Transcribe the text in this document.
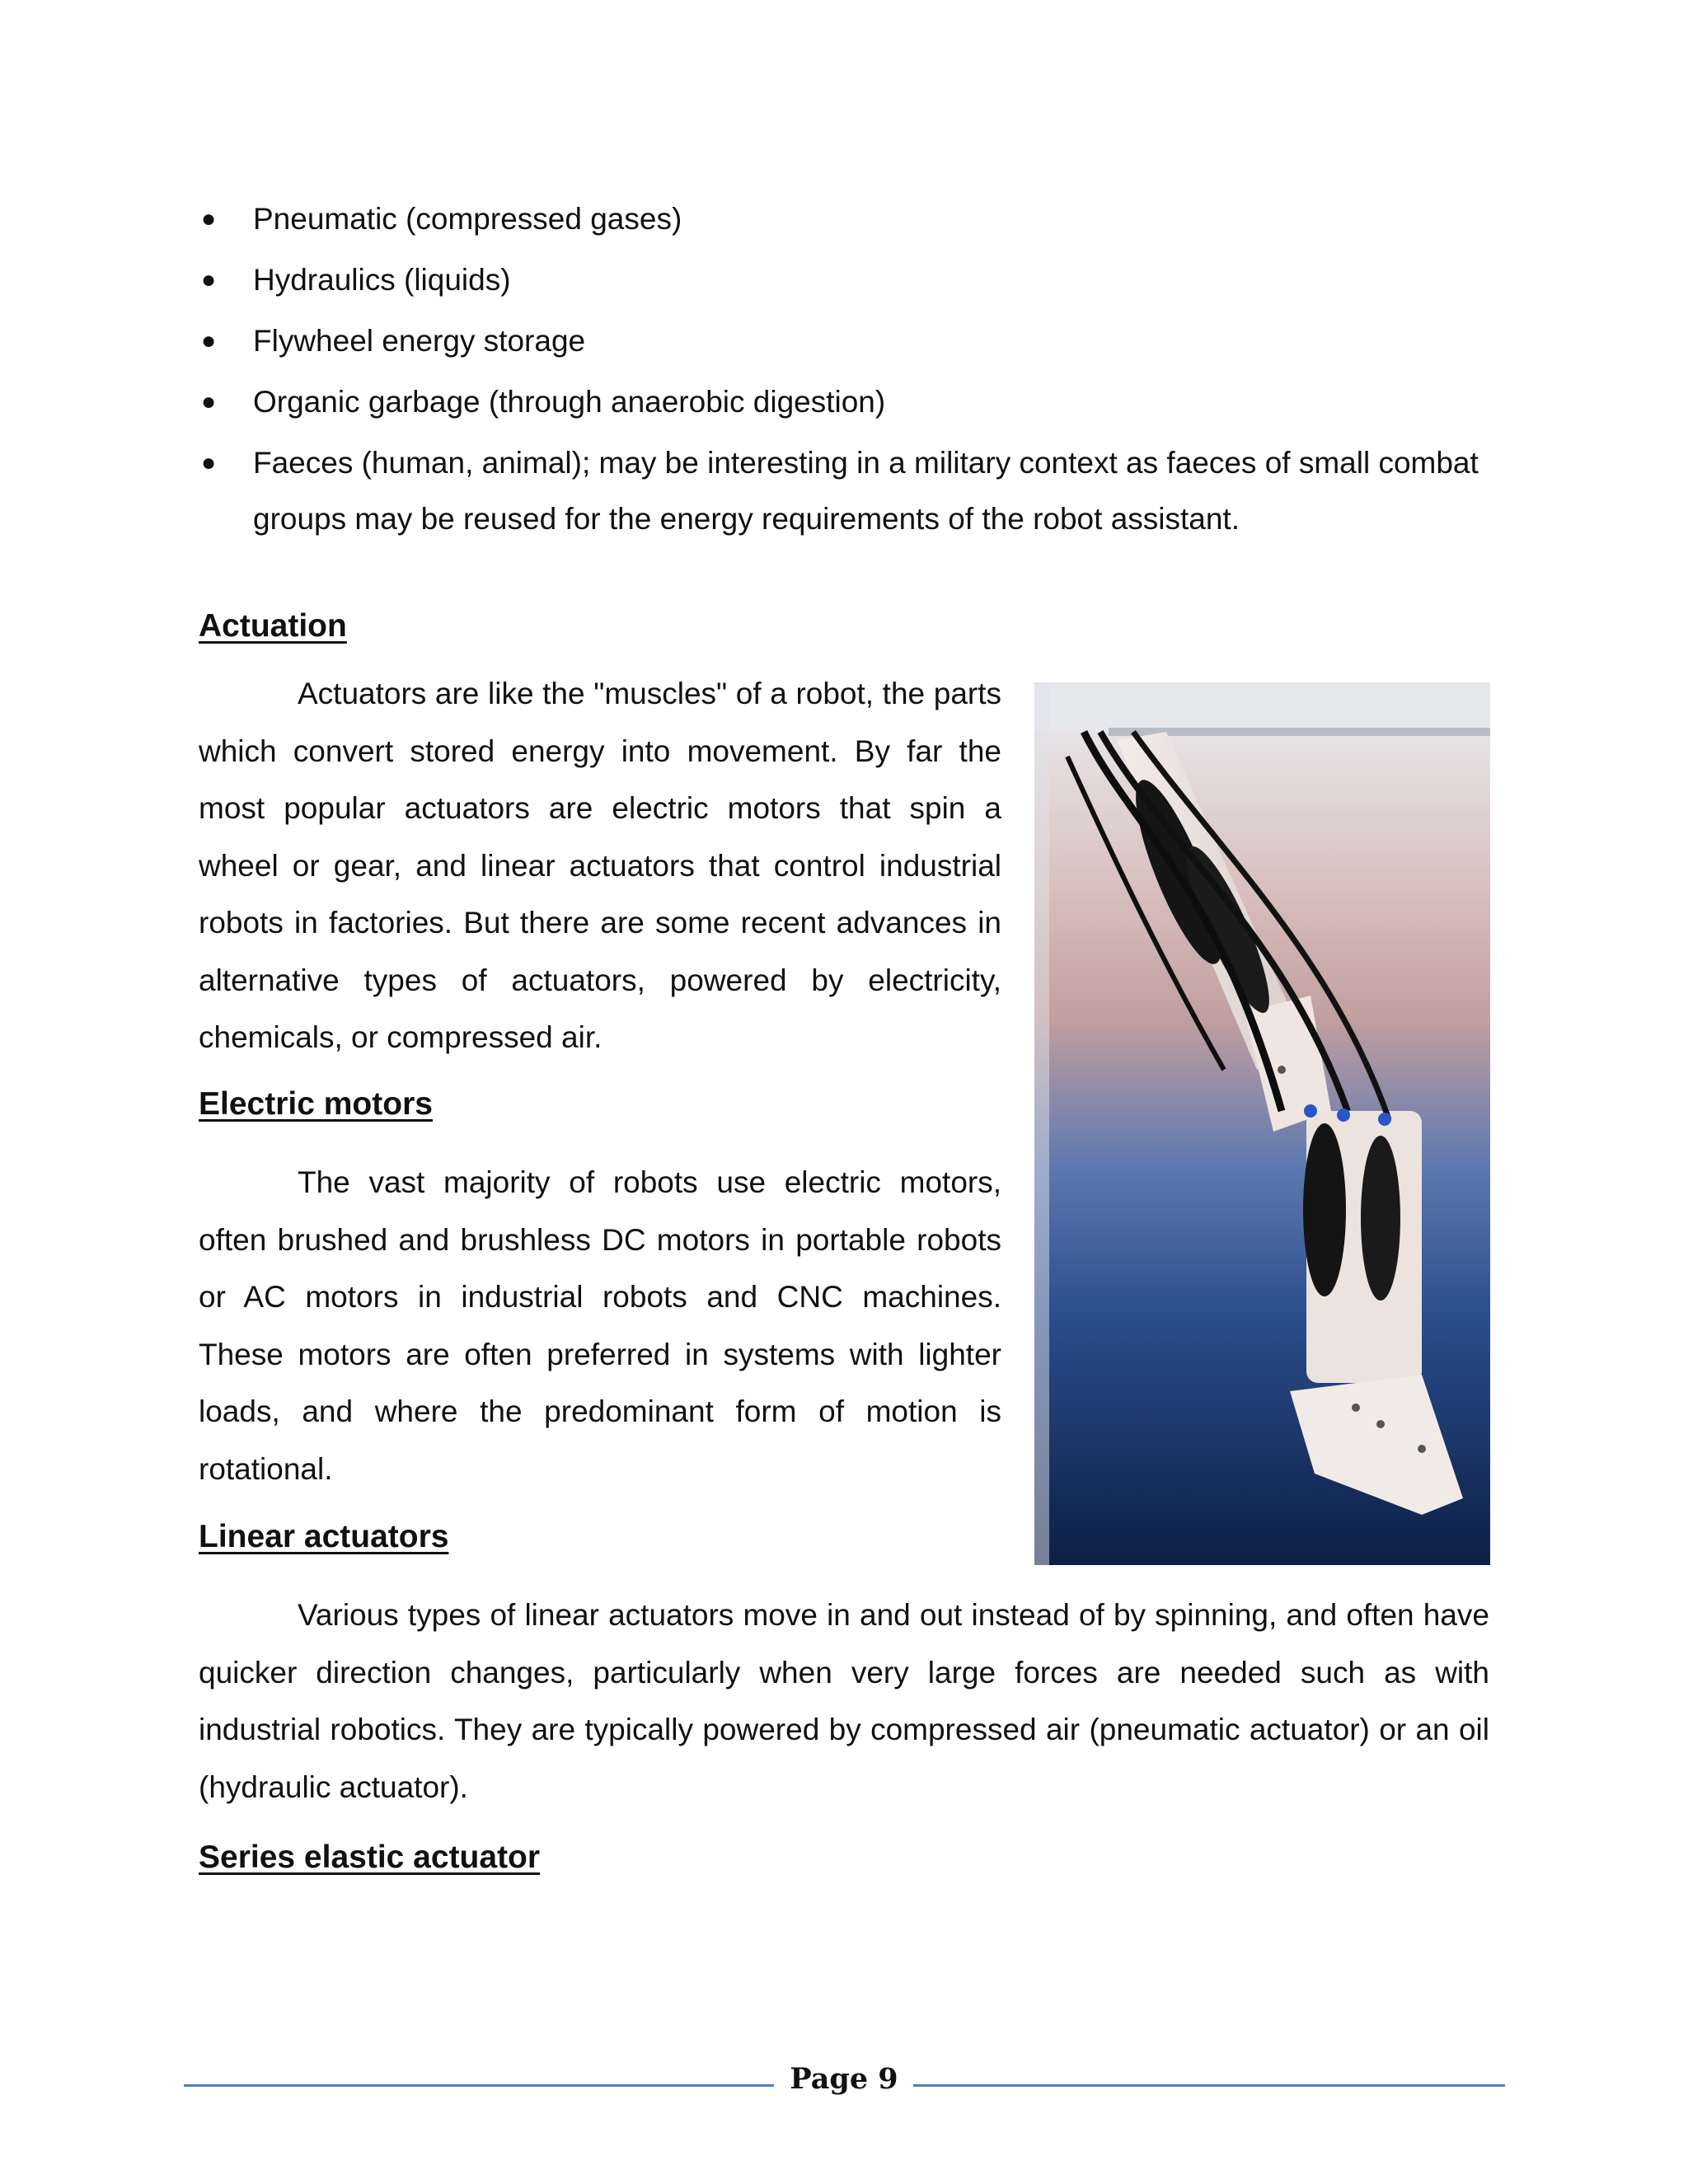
● Pneumatic (compressed gases)
● Hydraulics (liquids)
● Flywheel energy storage
● Organic garbage (through anaerobic digestion)
● Faeces (human, animal); may be interesting in a military context as faeces of small combat groups may be reused for the energy requirements of the robot assistant.
Actuation

Actuators are like the "muscles" of a robot, the parts which convert stored energy into movement. By far the most popular actuators are electric motors that spin a wheel or gear, and linear actuators that control industrial robots in factories. But there are some recent advances in alternative types of actuators, powered by electricity, chemicals, or compressed air.

Electric motors

The vast majority of robots use electric motors, often brushed and brushless DC motors in portable robots or AC motors in industrial robots and CNC machines. These motors are often preferred in systems with lighter loads, and where the predominant form of motion is rotational.

Linear actuators

Various types of linear actuators move in and out instead of by spinning, and often have quicker direction changes, particularly when very large forces are needed such as with industrial robotics. They are typically powered by compressed air (pneumatic actuator) or an oil (hydraulic actuator).

Series elastic actuator
Page 9
